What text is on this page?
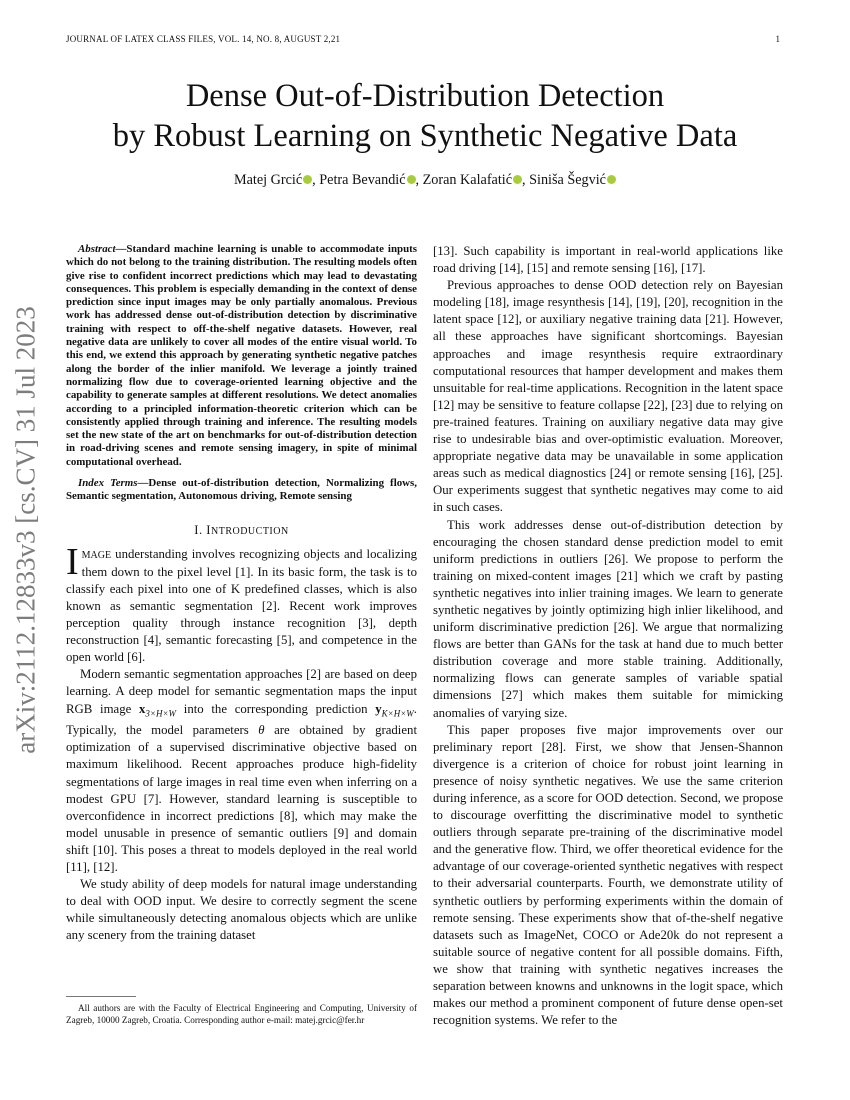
JOURNAL OF LATEX CLASS FILES, VOL. 14, NO. 8, AUGUST 2,21	1
arXiv:2112.12833v3 [cs.CV] 31 Jul 2023
Dense Out-of-Distribution Detection
by Robust Learning on Synthetic Negative Data
Matej Grcić , Petra Bevandić , Zoran Kalafatić , Siniša Šegvić

Abstract—Standard machine learning is unable to accommodate inputs which do not belong to the training distribution. The resulting models often give rise to confident incorrect predictions which may lead to devastating consequences. This problem is especially demanding in the context of dense prediction since input images may be only partially anomalous. Previous work has addressed dense out-of-distribution detection by discriminative training with respect to off-the-shelf negative datasets. However, real negative data are unlikely to cover all modes of the entire visual world. To this end, we extend this approach by generating synthetic negative patches along the border of the inlier manifold. We leverage a jointly trained normalizing flow due to coverage-oriented learning objective and the capability to generate samples at different resolutions. We detect anomalies according to a principled information-theoretic criterion which can be consistently applied through training and inference. The resulting models set the new state of the art on benchmarks for out-of-distribution detection in road-driving scenes and remote sensing imagery, in spite of minimal computational overhead.

Index Terms—Dense out-of-distribution detection, Normalizing flows, Semantic segmentation, Autonomous driving, Remote sensing

I. INTRODUCTION

IMAGE understanding involves recognizing objects and localizing them down to the pixel level [1]. In its basic form, the task is to classify each pixel into one of K predefined classes, which is also known as semantic segmentation [2]. Recent work improves perception quality through instance recognition [3], depth reconstruction [4], semantic forecasting [5], and competence in the open world [6].

Modern semantic segmentation approaches [2] are based on deep learning. A deep model for semantic segmentation maps the input RGB image $x_{3\times H\times W}$ into the corresponding prediction $y_{K\times H\times W}$. Typically, the model parameters θ are obtained by gradient optimization of a supervised discriminative objective based on maximum likelihood. Recent approaches produce high-fidelity segmentations of large images in real time even when inferring on a modest GPU [7]. However, standard learning is susceptible to overconfidence in incorrect predictions [8], which may make the model unusable in presence of semantic outliers [9] and domain shift [10]. This poses a threat to models deployed in the real world [11], [12].

We study ability of deep models for natural image understanding to deal with OOD input. We desire to correctly segment the scene while simultaneously detecting anomalous objects which are unlike any scenery from the training dataset

All authors are with the Faculty of Electrical Engineering and Computing, University of Zagreb, 10000 Zagreb, Croatia. Corresponding author e-mail: matej.grcic@fer.hr

[13]. Such capability is important in real-world applications like road driving [14], [15] and remote sensing [16], [17].

Previous approaches to dense OOD detection rely on Bayesian modeling [18], image resynthesis [14], [19], [20], recognition in the latent space [12], or auxiliary negative training data [21]. However, all these approaches have significant shortcomings. Bayesian approaches and image resynthesis require extraordinary computational resources that hamper development and makes them unsuitable for real-time applications. Recognition in the latent space [12] may be sensitive to feature collapse [22], [23] due to relying on pre-trained features. Training on auxiliary negative data may give rise to undesirable bias and over-optimistic evaluation. Moreover, appropriate negative data may be unavailable in some application areas such as medical diagnostics [24] or remote sensing [16], [25]. Our experiments suggest that synthetic negatives may come to aid in such cases.

This work addresses dense out-of-distribution detection by encouraging the chosen standard dense prediction model to emit uniform predictions in outliers [26]. We propose to perform the training on mixed-content images [21] which we craft by pasting synthetic negatives into inlier training images. We learn to generate synthetic negatives by jointly optimizing high inlier likelihood, and uniform discriminative prediction [26]. We argue that normalizing flows are better than GANs for the task at hand due to much better distribution coverage and more stable training. Additionally, normalizing flows can generate samples of variable spatial dimensions [27] which makes them suitable for mimicking anomalies of varying size.

This paper proposes five major improvements over our preliminary report [28]. First, we show that Jensen-Shannon divergence is a criterion of choice for robust joint learning in presence of noisy synthetic negatives. We use the same criterion during inference, as a score for OOD detection. Second, we propose to discourage overfitting the discriminative model to synthetic outliers through separate pre-training of the discriminative model and the generative flow. Third, we offer theoretical evidence for the advantage of our coverage-oriented synthetic negatives with respect to their adversarial counterparts. Fourth, we demonstrate utility of synthetic outliers by performing experiments within the domain of remote sensing. These experiments show that of-the-shelf negative datasets such as ImageNet, COCO or Ade20k do not represent a suitable source of negative content for all possible domains. Fifth, we show that training with synthetic negatives increases the separation between knowns and unknowns in the logit space, which makes our method a prominent component of future dense open-set recognition systems. We refer to the
